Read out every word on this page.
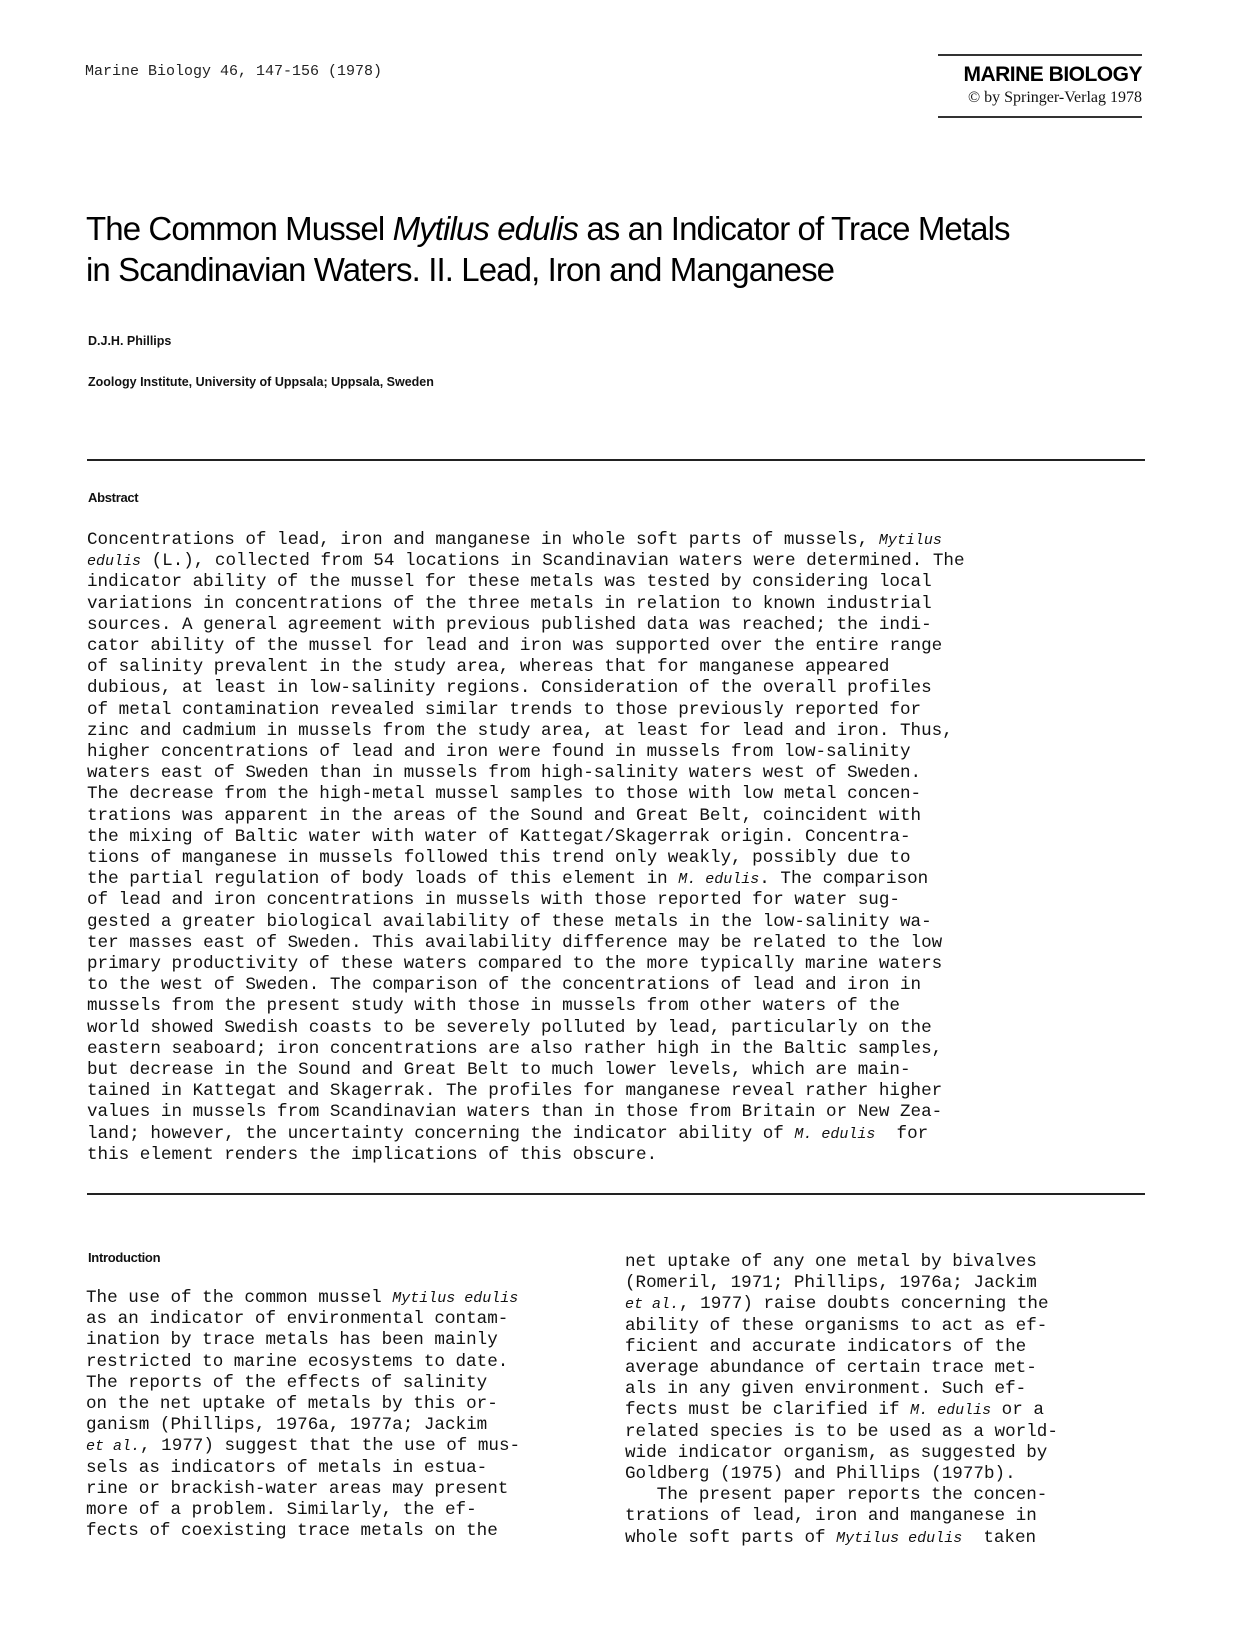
Marine Biology 46, 147-156 (1978)	MARINE BIOLOGY
© by Springer-Verlag 1978
The Common Mussel Mytilus edulis as an Indicator of Trace Metals
in Scandinavian Waters. II. Lead, Iron and Manganese
D.J.H. Phillips
Zoology Institute, University of Uppsala; Uppsala, Sweden
Abstract
Concentrations of lead, iron and manganese in whole soft parts of mussels, Mytilus
edulis (L.), collected from 54 locations in Scandinavian waters were determined. The
indicator ability of the mussel for these metals was tested by considering local
variations in concentrations of the three metals in relation to known industrial
sources. A general agreement with previous published data was reached; the indi-
cator ability of the mussel for lead and iron was supported over the entire range
of salinity prevalent in the study area, whereas that for manganese appeared
dubious, at least in low-salinity regions. Consideration of the overall profiles
of metal contamination revealed similar trends to those previously reported for
zinc and cadmium in mussels from the study area, at least for lead and iron. Thus,
higher concentrations of lead and iron were found in mussels from low-salinity
waters east of Sweden than in mussels from high-salinity waters west of Sweden.
The decrease from the high-metal mussel samples to those with low metal concen-
trations was apparent in the areas of the Sound and Great Belt, coincident with
the mixing of Baltic water with water of Kattegat/Skagerrak origin. Concentra-
tions of manganese in mussels followed this trend only weakly, possibly due to
the partial regulation of body loads of this element in M. edulis. The comparison
of lead and iron concentrations in mussels with those reported for water sug-
gested a greater biological availability of these metals in the low-salinity wa-
ter masses east of Sweden. This availability difference may be related to the low
primary productivity of these waters compared to the more typically marine waters
to the west of Sweden. The comparison of the concentrations of lead and iron in
mussels from the present study with those in mussels from other waters of the
world showed Swedish coasts to be severely polluted by lead, particularly on the
eastern seaboard; iron concentrations are also rather high in the Baltic samples,
but decrease in the Sound and Great Belt to much lower levels, which are main-
tained in Kattegat and Skagerrak. The profiles for manganese reveal rather higher
values in mussels from Scandinavian waters than in those from Britain or New Zea-
land; however, the uncertainty concerning the indicator ability of M. edulis  for
this element renders the implications of this obscure.
Introduction
The use of the common mussel Mytilus edulis
as an indicator of environmental contam-
ination by trace metals has been mainly
restricted to marine ecosystems to date.
The reports of the effects of salinity
on the net uptake of metals by this or-
ganism (Phillips, 1976a, 1977a; Jackim
et al., 1977) suggest that the use of mus-
sels as indicators of metals in estua-
rine or brackish-water areas may present
more of a problem. Similarly, the ef-
fects of coexisting trace metals on the
net uptake of any one metal by bivalves
(Romeril, 1971; Phillips, 1976a; Jackim
et al., 1977) raise doubts concerning the
ability of these organisms to act as ef-
ficient and accurate indicators of the
average abundance of certain trace met-
als in any given environment. Such ef-
fects must be clarified if M. edulis or a
related species is to be used as a world-
wide indicator organism, as suggested by
Goldberg (1975) and Phillips (1977b).
The present paper reports the concen-
trations of lead, iron and manganese in
whole soft parts of Mytilus edulis  taken
